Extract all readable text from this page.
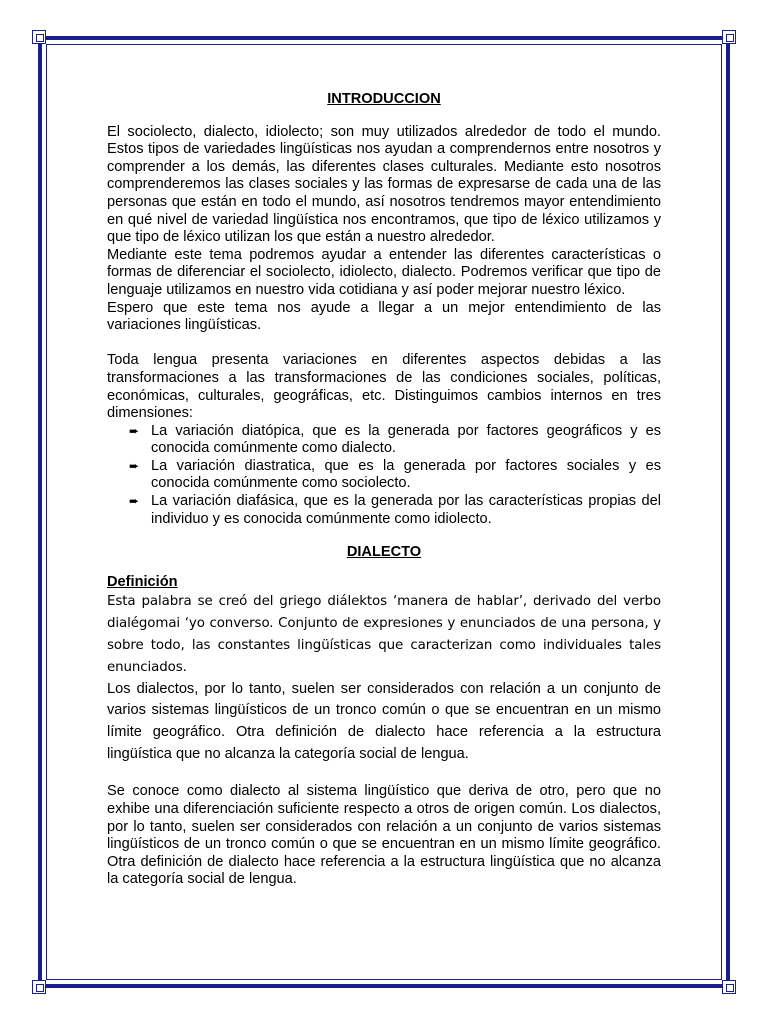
INTRODUCCION

El sociolecto, dialecto, idiolecto; son muy utilizados alrededor de todo el mundo. Estos tipos de variedades lingüísticas nos ayudan a comprendernos entre nosotros y comprender a los demás, las diferentes clases culturales. Mediante esto nosotros comprenderemos las clases sociales y las formas de expresarse de cada una de las personas que están en todo el mundo, así nosotros tendremos mayor entendimiento en qué nivel de variedad lingüística nos encontramos, que tipo de léxico utilizamos y que tipo de léxico utilizan los que están a nuestro alrededor.

Mediante este tema podremos ayudar a entender las diferentes características o formas de diferenciar el sociolecto, idiolecto, dialecto. Podremos verificar que tipo de lenguaje utilizamos en nuestro vida cotidiana y así poder mejorar nuestro léxico.

Espero que este tema nos ayude a llegar a un mejor entendimiento de las variaciones lingüísticas.

Toda lengua presenta variaciones en diferentes aspectos debidas a las transformaciones a las transformaciones de las condiciones sociales, políticas, económicas, culturales, geográficas, etc. Distinguimos cambios internos en tres dimensiones:

➨ La variación diatópica, que es la generada por factores geográficos y es conocida comúnmente como dialecto.
➨ La variación diastratica, que es la generada por factores sociales y es conocida comúnmente como sociolecto.
➨ La variación diafásica, que es la generada por las características propias del individuo y es conocida comúnmente como idiolecto.
DIALECTO
Definición

Esta palabra se creó del griego diálektos ‘manera de hablar’, derivado del verbo dialégomai ‘yo converso. Conjunto de expresiones y enunciados de una persona, y sobre todo, las constantes lingüísticas que caracterizan como individuales tales enunciados.

Los dialectos, por lo tanto, suelen ser considerados con relación a un conjunto de varios sistemas lingüísticos de un tronco común o que se encuentran en un mismo límite geográfico. Otra definición de dialecto hace referencia a la estructura lingüística que no alcanza la categoría social de lengua.

Se conoce como dialecto al sistema lingüístico que deriva de otro, pero que no exhibe una diferenciación suficiente respecto a otros de origen común. Los dialectos, por lo tanto, suelen ser considerados con relación a un conjunto de varios sistemas lingüísticos de un tronco común o que se encuentran en un mismo límite geográfico. Otra definición de dialecto hace referencia a la estructura lingüística que no alcanza la categoría social de lengua.
